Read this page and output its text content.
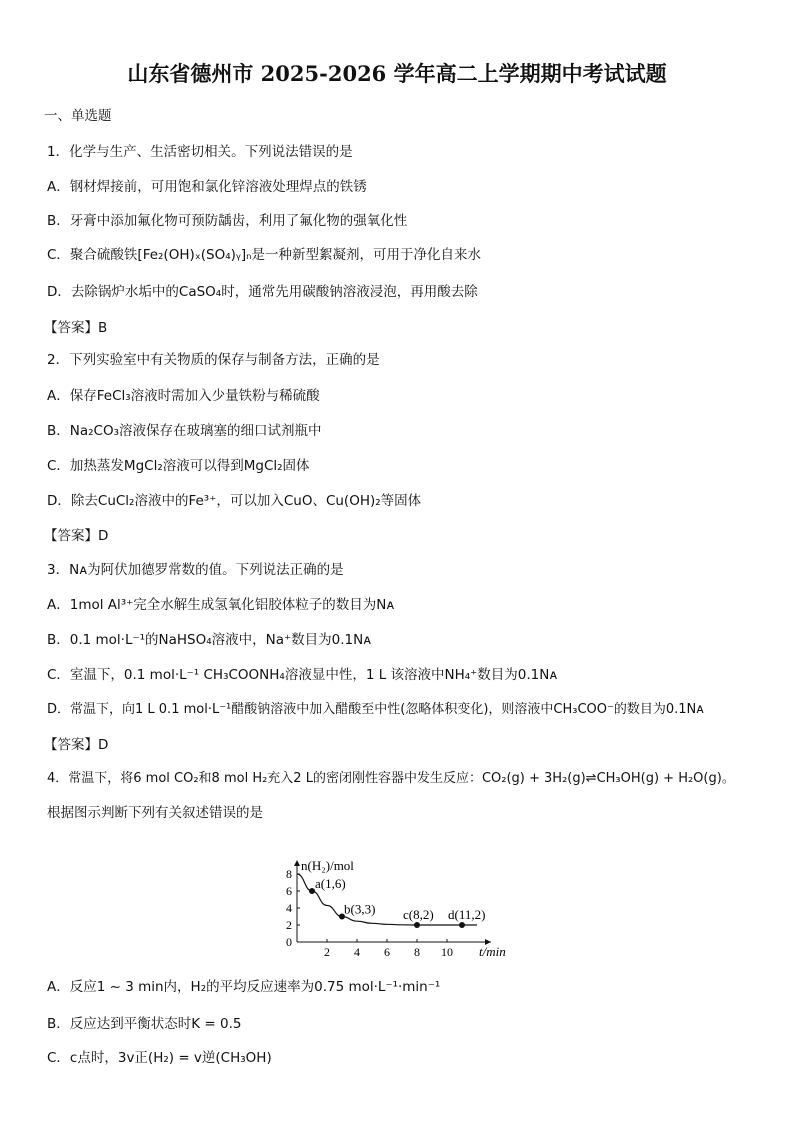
山东省德州市 2025-2026 学年高二上学期期中考试试题
一、单选题
1．化学与生产、生活密切相关。下列说法错误的是
A．钢材焊接前，可用饱和氯化锌溶液处理焊点的铁锈
B．牙膏中添加氟化物可预防龋齿，利用了氟化物的强氧化性
C．聚合硫酸铁[Fe₂(OH)ₓ(SO₄)ᵧ]ₙ是一种新型絮凝剂，可用于净化自来水
D．去除锅炉水垢中的CaSO₄时，通常先用碳酸钠溶液浸泡，再用酸去除
【答案】B
2．下列实验室中有关物质的保存与制备方法，正确的是
A．保存FeCl₃溶液时需加入少量铁粉与稀硫酸
B．Na₂CO₃溶液保存在玻璃塞的细口试剂瓶中
C．加热蒸发MgCl₂溶液可以得到MgCl₂固体
D．除去CuCl₂溶液中的Fe³⁺，可以加入CuO、Cu(OH)₂等固体
【答案】D
3．Nᴀ为阿伏加德罗常数的值。下列说法正确的是
A．1mol Al³⁺完全水解生成氢氧化铝胶体粒子的数目为Nᴀ
B．0.1 mol·L⁻¹的NaHSO₄溶液中，Na⁺数目为0.1Nᴀ
C．室温下，0.1 mol·L⁻¹ CH₃COONH₄溶液显中性，1 L 该溶液中NH₄⁺数目为0.1Nᴀ
D．常温下，向1 L 0.1 mol·L⁻¹醋酸钠溶液中加入醋酸至中性(忽略体积变化)，则溶液中CH₃COO⁻的数目为0.1Nᴀ
【答案】D
4．常温下，将6 mol CO₂和8 mol H₂充入2 L的密闭刚性容器中发生反应：CO₂(g) + 3H₂(g)⇌CH₃OH(g) + H₂O(g)。
根据图示判断下列有关叙述错误的是
n(H₂)/mol
t/min
0
2
4
6
8
2 4 6 8 10
a(1,6)
b(3,3) c(8,2) d(11,2)
A．反应1 ~ 3 min内，H₂的平均反应速率为0.75 mol·L⁻¹·min⁻¹
B．反应达到平衡状态时K = 0.5
C．c点时，3v正(H₂) = v逆(CH₃OH)
